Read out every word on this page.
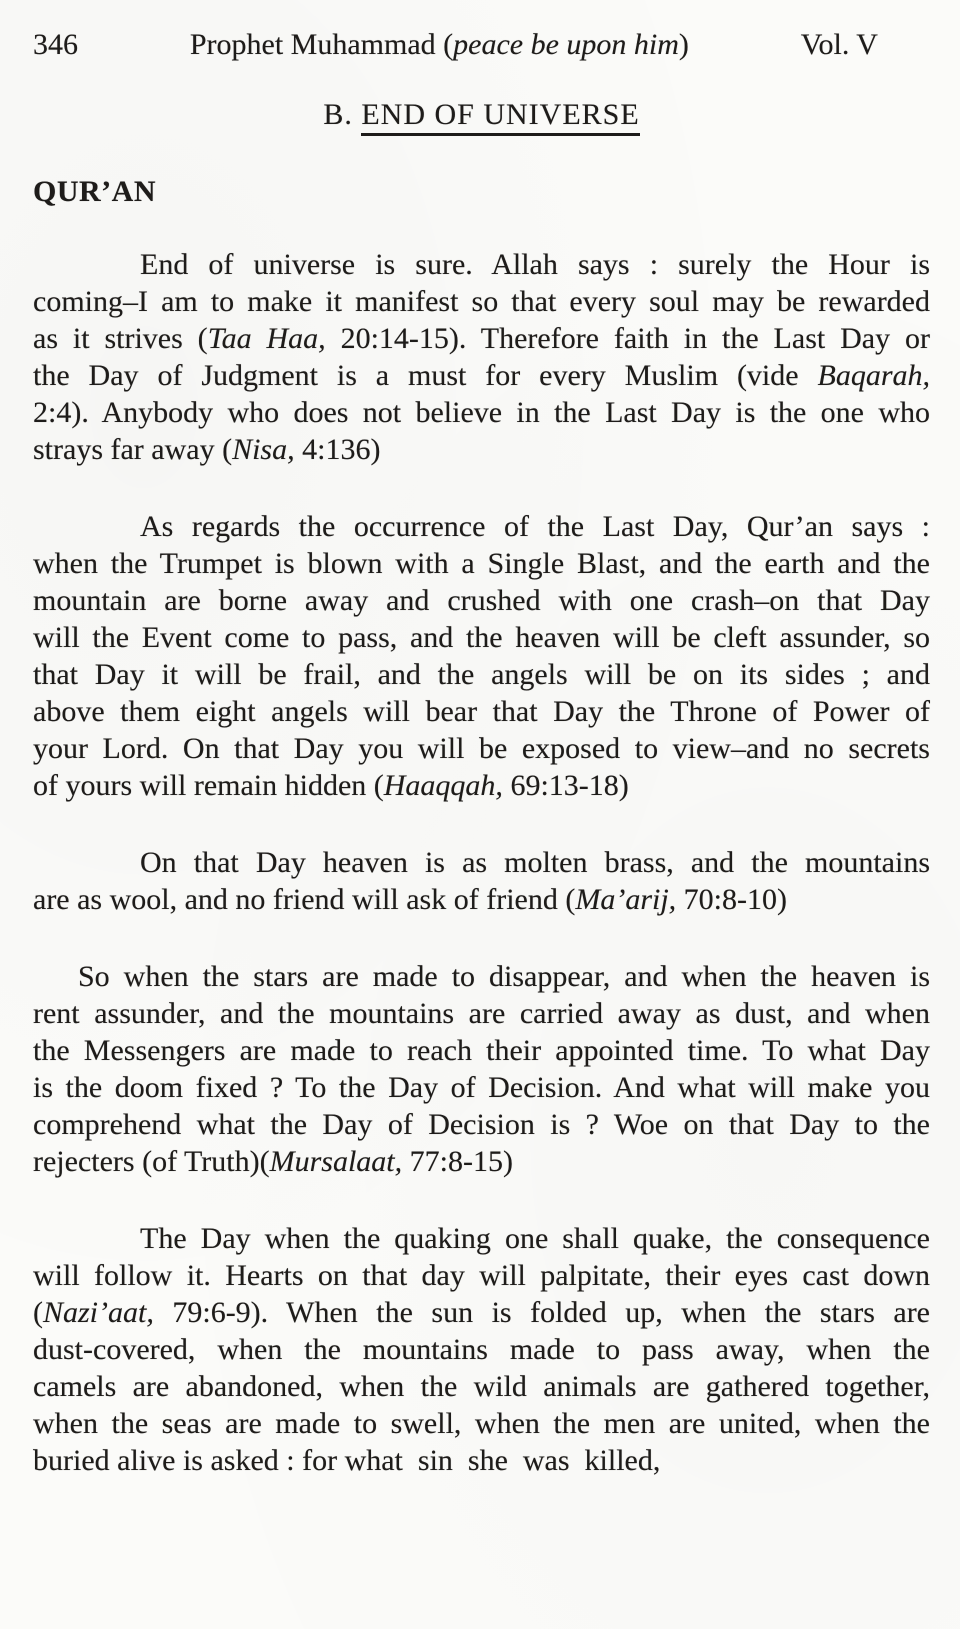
346	Prophet Muhammad (peace be upon him)	Vol. V
B. END OF UNIVERSE
QUR’AN
End of universe is sure. Allah says : surely the Hour is
coming–I am to make it manifest so that every soul may be rewarded
as it strives (Taa Haa, 20:14-15). Therefore faith in the Last Day or
the Day of Judgment is a must for every Muslim (vide Baqarah,
2:4). Anybody who does not believe in the Last Day is the one who
strays far away (Nisa, 4:136)
As regards the occurrence of the Last Day, Qur’an says :
when the Trumpet is blown with a Single Blast, and the earth and the
mountain are borne away and crushed with one crash–on that Day
will the Event come to pass, and the heaven will be cleft assunder, so
that Day it will be frail, and the angels will be on its sides ; and
above them eight angels will bear that Day the Throne of Power of
your Lord. On that Day you will be exposed to view–and no secrets
of yours will remain hidden (Haaqqah, 69:13-18)
On that Day heaven is as molten brass, and the mountains
are as wool, and no friend will ask of friend (Ma’arij, 70:8-10)
So when the stars are made to disappear, and when the heaven is
rent assunder, and the mountains are carried away as dust, and when
the Messengers are made to reach their appointed time. To what Day
is the doom fixed ? To the Day of Decision. And what will make you
comprehend what the Day of Decision is ? Woe on that Day to the
rejecters (of Truth)(Mursalaat, 77:8-15)
The Day when the quaking one shall quake, the consequence
will follow it. Hearts on that day will palpitate, their eyes cast down
(Nazi’aat, 79:6-9). When the sun is folded up, when the stars are
dust-covered, when the mountains made to pass away, when the
camels are abandoned, when the wild animals are gathered together,
when the seas are made to swell, when the men are united, when the
buried alive is asked : for what  sin  she  was  killed,
